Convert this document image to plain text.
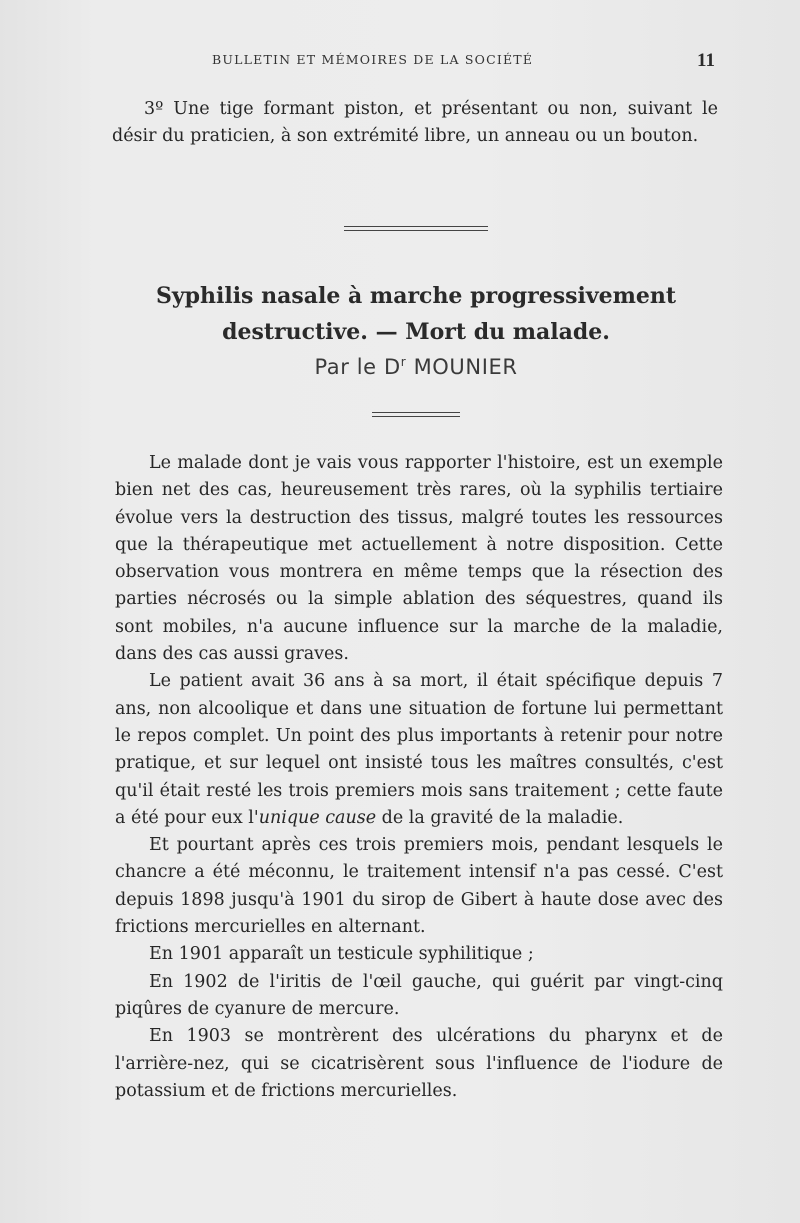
BULLETIN ET MÉMOIRES DE LA SOCIÉTÉ	11

3º Une tige formant piston, et présentant ou non, suivant le désir du praticien, à son extrémité libre, un anneau ou un bouton.

Syphilis nasale à marche progressivement
destructive. — Mort du malade.

Par le $D^r$ MOUNIER

Le malade dont je vais vous rapporter l'histoire, est un exemple bien net des cas, heureusement très rares, où la syphilis tertiaire évolue vers la destruction des tissus, malgré toutes les ressources que la thérapeutique met actuellement à notre disposition. Cette observation vous montrera en même temps que la résection des parties nécrosés ou la simple ablation des séquestres, quand ils sont mobiles, n'a aucune influence sur la marche de la maladie, dans des cas aussi graves.

Le patient avait 36 ans à sa mort, il était spécifique depuis 7 ans, non alcoolique et dans une situation de fortune lui permettant le repos complet. Un point des plus importants à retenir pour notre pratique, et sur lequel ont insisté tous les maîtres consultés, c'est qu'il était resté les trois premiers mois sans traitement ; cette faute a été pour eux l'unique cause de la gravité de la maladie.

Et pourtant après ces trois premiers mois, pendant lesquels le chancre a été méconnu, le traitement intensif n'a pas cessé. C'est depuis 1898 jusqu'à 1901 du sirop de Gibert à haute dose avec des frictions mercurielles en alternant.

En 1901 apparaît un testicule syphilitique ;

En 1902 de l'iritis de l'œil gauche, qui guérit par vingt-cinq piqûres de cyanure de mercure.

En 1903 se montrèrent des ulcérations du pharynx et de l'arrière-nez, qui se cicatrisèrent sous l'influence de l'iodure de potassium et de frictions mercurielles.
